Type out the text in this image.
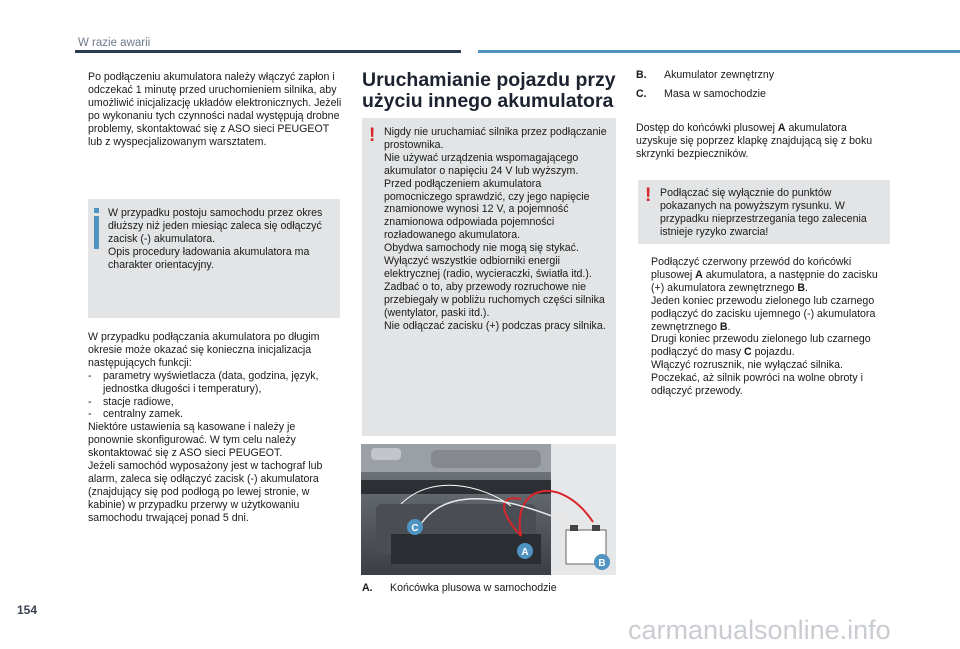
W razie awarii

Po podłączeniu akumulatora należy włączyć zapłon i odczekać 1 minutę przed uruchomieniem silnika, aby umożliwić inicjalizację układów elektronicznych. Jeżeli po wykonaniu tych czynności nadal występują drobne problemy, skontaktować się z ASO sieci PEUGEOT lub z wyspecjalizowanym warsztatem.

W przypadku postoju samochodu przez okres dłuższy niż jeden miesiąc zaleca się odłączyć zacisk (-) akumulatora.

Opis procedury ładowania akumulatora ma charakter orientacyjny.

W przypadku podłączania akumulatora po długim okresie może okazać się konieczna inicjalizacja następujących funkcji:

- parametry wyświetlacza (data, godzina, język, jednostka długości i temperatury),
- stacje radiowe,
- centralny zamek.

Niektóre ustawienia są kasowane i należy je ponownie skonfigurować. W tym celu należy skontaktować się z ASO sieci PEUGEOT.

Jeżeli samochód wyposażony jest w tachograf lub alarm, zaleca się odłączyć zacisk (-) akumulatora (znajdujący się pod podłogą po lewej stronie, w kabinie) w przypadku przerwy w użytkowaniu samochodu trwającej ponad 5 dni.

Uruchamianie pojazdu przy użyciu innego akumulatora
! Nigdy nie uruchamiać silnika przez podłączanie prostownika.

Nie używać urządzenia wspomagającego akumulator o napięciu 24 V lub wyższym.

Przed podłączeniem akumulatora pomocniczego sprawdzić, czy jego napięcie znamionowe wynosi 12 V, a pojemność znamionowa odpowiada pojemności rozładowanego akumulatora.

Obydwa samochody nie mogą się stykać.

Wyłączyć wszystkie odbiorniki energii elektrycznej (radio, wycieraczki, światła itd.).

Zadbać o to, aby przewody rozruchowe nie przebiegały w pobliżu ruchomych części silnika (wentylator, paski itd.).

Nie odłączać zacisku (+) podczas pracy silnika.

C
A
B
A. Końcówka plusowa w samochodzie
B. Akumulator zewnętrzny
C. Masa w samochodzie

Dostęp do końcówki plusowej A akumulatora uzyskuje się poprzez klapkę znajdującą się z boku skrzynki bezpieczników.

! Podłączać się wyłącznie do punktów pokazanych na powyższym rysunku. W przypadku nieprzestrzegania tego zalecenia istnieje ryzyko zwarcia!

Podłączyć czerwony przewód do końcówki plusowej A akumulatora, a następnie do zacisku (+) akumulatora zewnętrznego B.
Jeden koniec przewodu zielonego lub czarnego podłączyć do zacisku ujemnego (-) akumulatora zewnętrznego B.
Drugi koniec przewodu zielonego lub czarnego podłączyć do masy C pojazdu.
Włączyć rozrusznik, nie wyłączać silnika.
Poczekać, aż silnik powróci na wolne obroty i odłączyć przewody.
154
carmanualsonline.info
